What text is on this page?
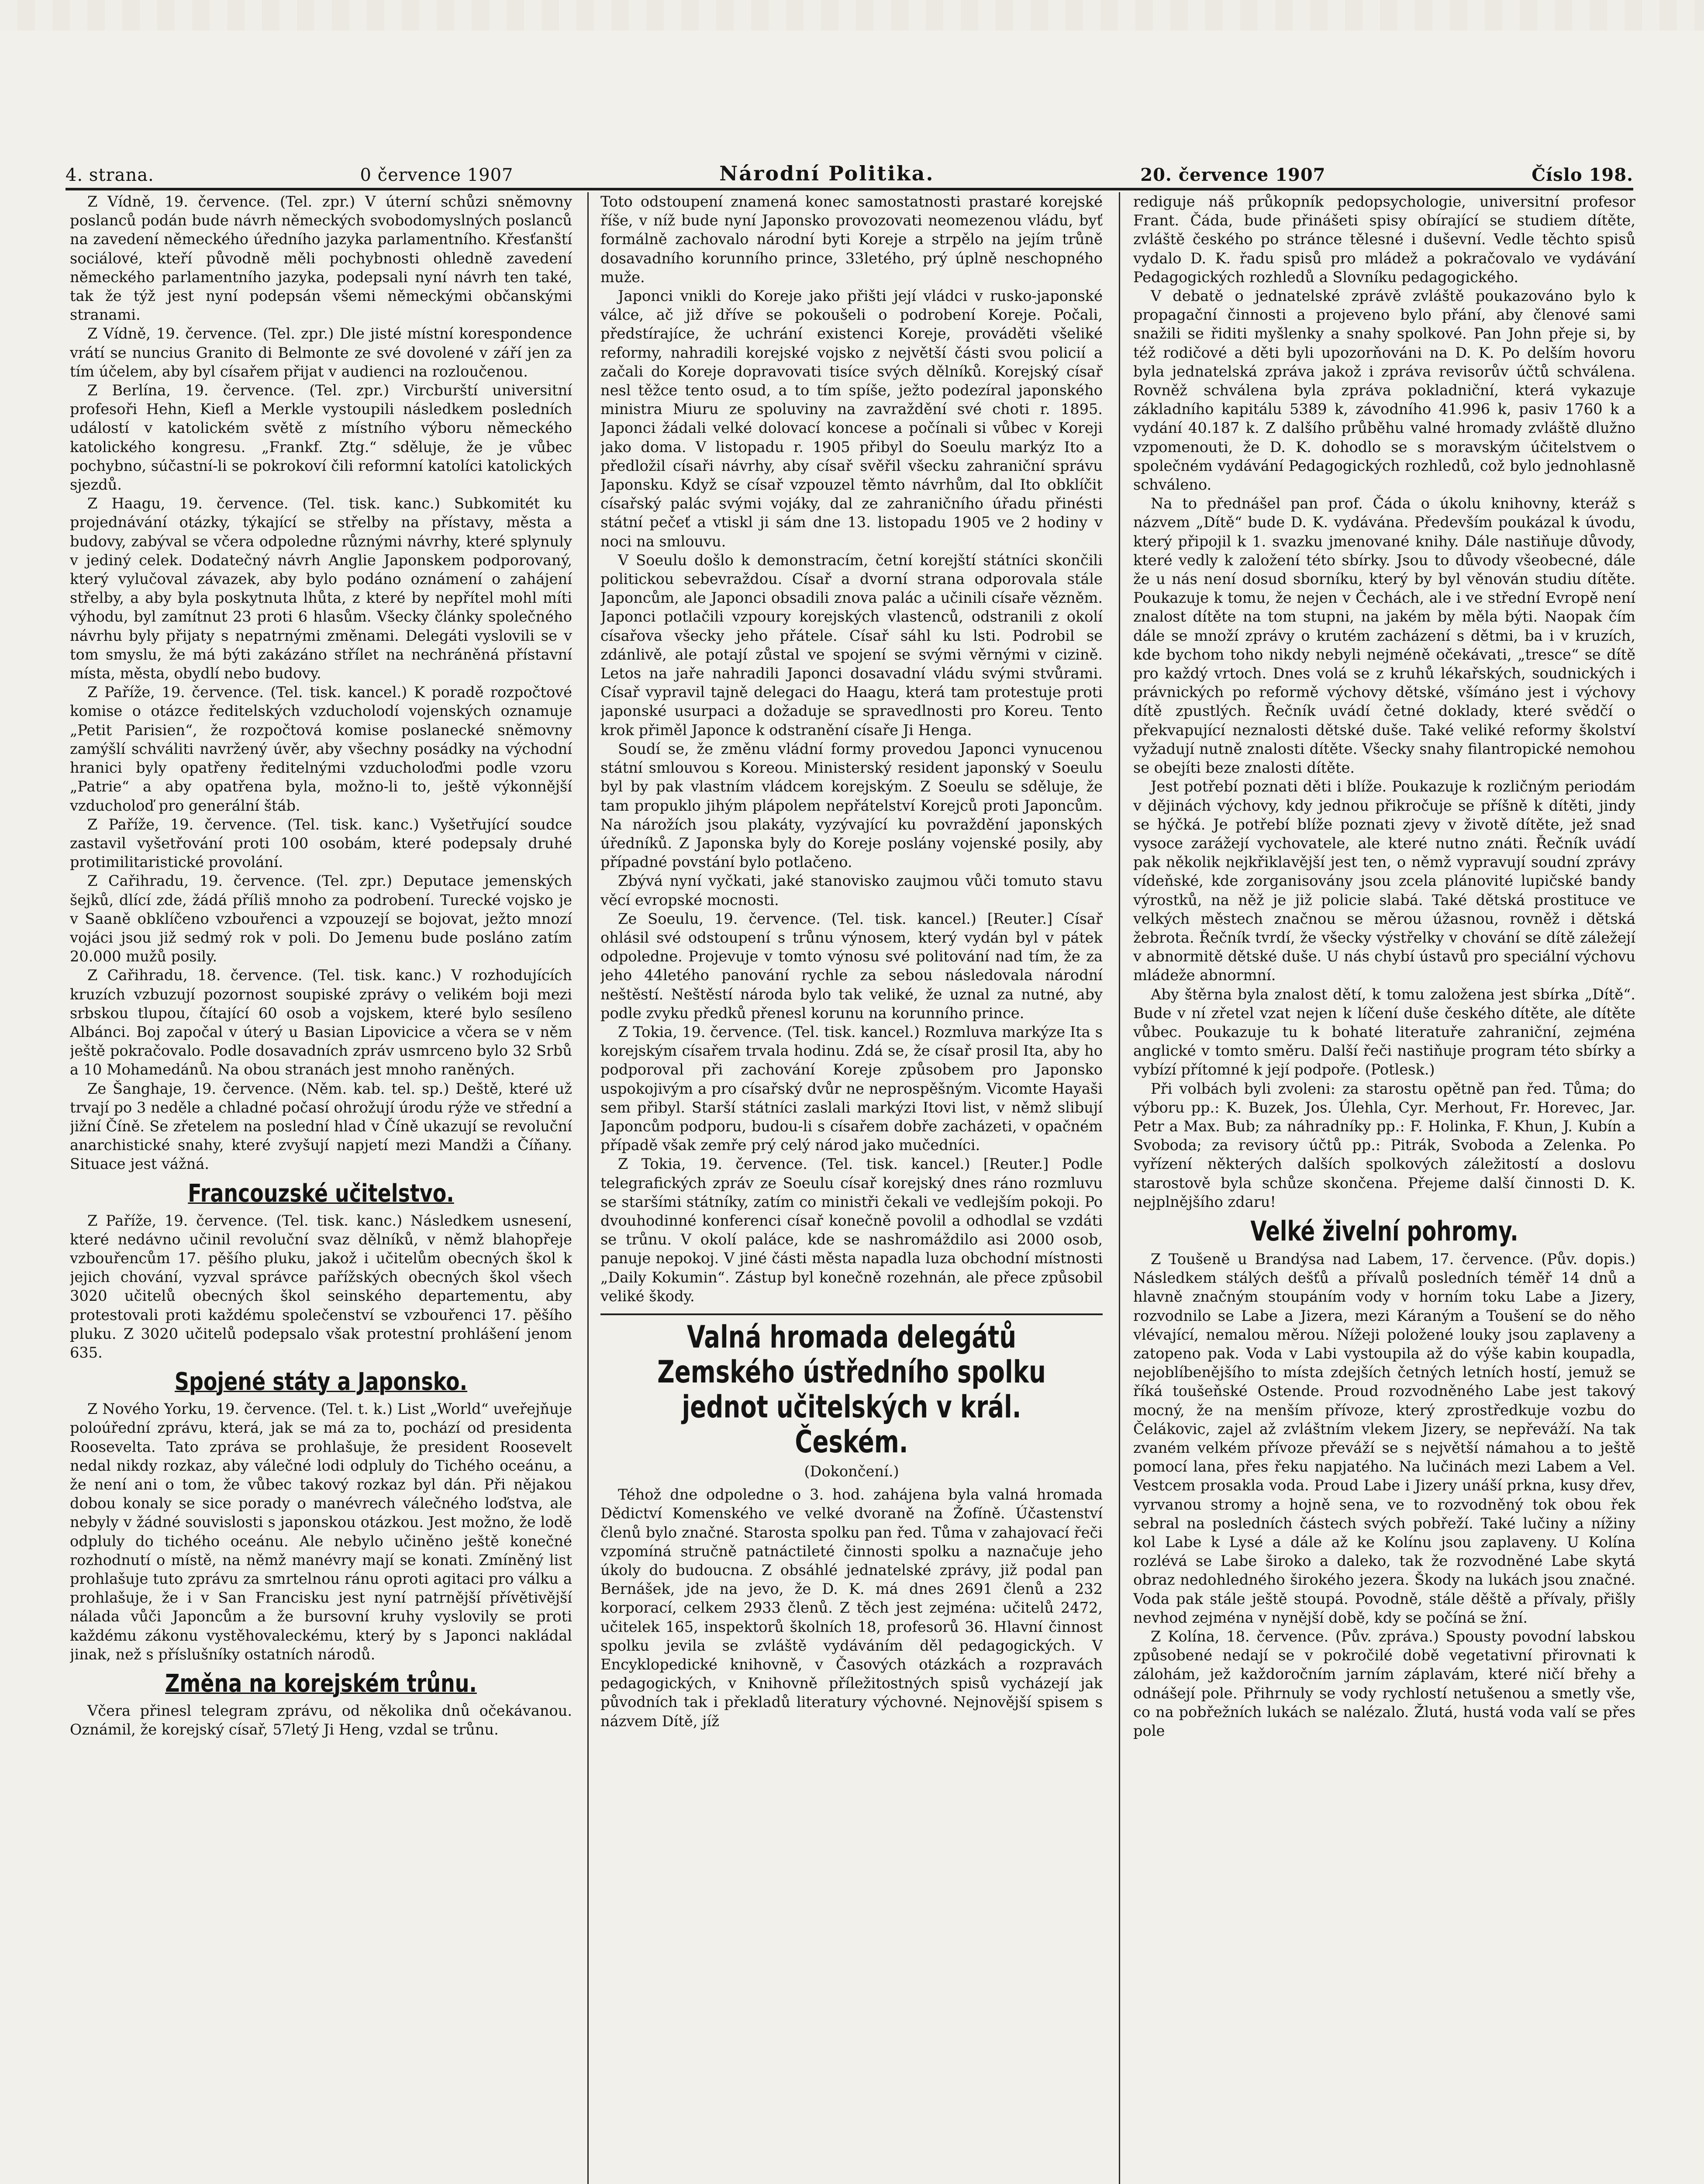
4. strana.	0 července 1907	Národní Politika.	20. července 1907	Číslo 198.

Z Vídně, 19. července. (Tel. zpr.) V úterní schůzi sněmovny poslanců podán bude návrh německých svobodomyslných poslanců na zavedení německého úředního jazyka parlamentního. Křesťanští sociálové, kteří původně měli pochybnosti ohledně zavedení německého parlamentního jazyka, podepsali nyní návrh ten také, tak že týž jest nyní podepsán všemi německými občanskými stranami.

Z Vídně, 19. července. (Tel. zpr.) Dle jisté místní korespondence vrátí se nuncius Granito di Belmonte ze své dovolené v září jen za tím účelem, aby byl císařem přijat v audienci na rozloučenou.

Z Berlína, 19. července. (Tel. zpr.) Vircburští universitní profesoři Hehn, Kiefl a Merkle vystoupili následkem posledních událostí v katolickém světě z místního výboru německého katolického kongresu. „Frankf. Ztg.“ sděluje, že je vůbec pochybno, súčastní-li se pokrokoví čili reformní katolíci katolických sjezdů.

Z Haagu, 19. července. (Tel. tisk. kanc.) Subkomitét ku projednávání otázky, týkající se střelby na přístavy, města a budovy, zabýval se včera odpoledne různými návrhy, které splynuly v jediný celek. Dodatečný návrh Anglie Japonskem podporovaný, který vylučoval závazek, aby bylo podáno oznámení o zahájení střelby, a aby byla poskytnuta lhůta, z které by nepřítel mohl míti výhodu, byl zamítnut 23 proti 6 hlasům. Všecky články společného návrhu byly přijaty s nepatrnými změnami. Delegáti vyslovili se v tom smyslu, že má býti zakázáno střílet na nechráněná přístavní místa, města, obydlí nebo budovy.

Z Paříže, 19. července. (Tel. tisk. kancel.) K poradě rozpočtové komise o otázce ředitelských vzducholodí vojenských oznamuje „Petit Parisien“, že rozpočtová komise poslanecké sněmovny zamýšlí schváliti navržený úvěr, aby všechny posádky na východní hranici byly opatřeny ředitelnými vzducholoďmi podle vzoru „Patrie“ a aby opatřena byla, možno-li to, ještě výkonnější vzducholoď pro generální štáb.

Z Paříže, 19. července. (Tel. tisk. kanc.) Vyšetřující soudce zastavil vyšetřování proti 100 osobám, které podepsaly druhé protimilitaristické provolání.

Z Cařihradu, 19. července. (Tel. zpr.) Deputace jemenských šejků, dlící zde, žádá příliš mnoho za podrobení. Turecké vojsko je v Saaně obklíčeno vzbouřenci a vzpouzejí se bojovat, ježto mnozí vojáci jsou již sedmý rok v poli. Do Jemenu bude posláno zatím 20.000 mužů posily.

Z Cařihradu, 18. července. (Tel. tisk. kanc.) V rozhodujících kruzích vzbuzují pozornost soupiské zprávy o velikém boji mezi srbskou tlupou, čítající 60 osob a vojskem, které bylo sesíleno Albánci. Boj započal v úterý u Basian Lipovicice a včera se v něm ještě pokračovalo. Podle dosavadních zpráv usmrceno bylo 32 Srbů a 10 Mohamedánů. Na obou stranách jest mnoho raněných.

Ze Šanghaje, 19. července. (Něm. kab. tel. sp.) Deště, které už trvají po 3 neděle a chladné počasí ohrožují úrodu rýže ve střední a jižní Číně. Se zřetelem na poslední hlad v Číně ukazují se revoluční anarchistické snahy, které zvyšují napjetí mezi Mandži a Číňany. Situace jest vážná.

Francouzské učitelstvo.

Z Paříže, 19. července. (Tel. tisk. kanc.) Následkem usnesení, které nedávno učinil revoluční svaz dělníků, v němž blahopřeje vzbouřencům 17. pěšího pluku, jakož i učitelům obecných škol k jejich chování, vyzval správce pařížských obecných škol všech 3020 učitelů obecných škol seinského departementu, aby protestovali proti každému společenství se vzbouřenci 17. pěšího pluku. Z 3020 učitelů podepsalo však protestní prohlášení jenom 635.

Spojené státy a Japonsko.

Z Nového Yorku, 19. července. (Tel. t. k.) List „World“ uveřejňuje poloúřední zprávu, která, jak se má za to, pochází od presidenta Roosevelta. Tato zpráva se prohlašuje, že president Roosevelt nedal nikdy rozkaz, aby válečné lodi odpluly do Tichého oceánu, a že není ani o tom, že vůbec takový rozkaz byl dán. Při nějakou dobou konaly se sice porady o manévrech válečného loďstva, ale nebyly v žádné souvislosti s japonskou otázkou. Jest možno, že lodě odpluly do tichého oceánu. Ale nebylo učiněno ještě konečné rozhodnutí o místě, na němž manévry mají se konati. Zmíněný list prohlašuje tuto zprávu za smrtelnou ránu oproti agitaci pro válku a prohlašuje, že i v San Francisku jest nyní patrnější přívětivější nálada vůči Japoncům a že bursovní kruhy vyslovily se proti každému zákonu vystěhovaleckému, který by s Japonci nakládal jinak, než s příslušníky ostatních národů.

Změna na korejském trůnu.

Včera přinesl telegram zprávu, od několika dnů očekávanou. Oznámil, že korejský císař, 57letý Ji Heng, vzdal se trůnu.

Toto odstoupení znamená konec samostatnosti prastaré korejské říše, v níž bude nyní Japonsko provozovati neomezenou vládu, byť formálně zachovalo národní byti Koreje a strpělo na jejím trůně dosavadního korunního prince, 33letého, prý úplně neschopného muže.

Japonci vnikli do Koreje jako přišti její vládci v rusko-japonské válce, ač již dříve se pokoušeli o podrobení Koreje. Počali, předstírajíce, že uchrání existenci Koreje, prováděti všeliké reformy, nahradili korejské vojsko z největší části svou policií a začali do Koreje dopravovati tisíce svých dělníků. Korejský císař nesl těžce tento osud, a to tím spíše, ježto podezíral japonského ministra Miuru ze spoluviny na zavraždění své choti r. 1895. Japonci žádali velké dolovací koncese a počínali si vůbec v Koreji jako doma. V listopadu r. 1905 přibyl do Soeulu markýz Ito a předložil císaři návrhy, aby císař svěřil všecku zahraniční správu Japonsku. Když se císař vzpouzel těmto návrhům, dal Ito obklíčit císařský palác svými vojáky, dal ze zahraničního úřadu přinésti státní pečeť a vtiskl ji sám dne 13. listopadu 1905 ve 2 hodiny v noci na smlouvu.

V Soeulu došlo k demonstracím, četní korejští státníci skončili politickou sebevraždou. Císař a dvorní strana odporovala stále Japoncům, ale Japonci obsadili znova palác a učinili císaře vězněm. Japonci potlačili vzpoury korejských vlastenců, odstranili z okolí císařova všecky jeho přátele. Císař sáhl ku lsti. Podrobil se zdánlivě, ale potají zůstal ve spojení se svými věrnými v cizině. Letos na jaře nahradili Japonci dosavadní vládu svými stvůrami. Císař vypravil tajně delegaci do Haagu, která tam protestuje proti japonské usurpaci a dožaduje se spravedlnosti pro Koreu. Tento krok přiměl Japonce k odstranění císaře Ji Henga.

Soudí se, že změnu vládní formy provedou Japonci vynucenou státní smlouvou s Koreou. Ministerský resident japonský v Soeulu byl by pak vlastním vládcem korejským. Z Soeulu se sděluje, že tam propuklo jihým plápolem nepřátelství Korejců proti Japoncům. Na nárožích jsou plakáty, vyzývající ku povraždění japonských úředníků. Z Japonska byly do Koreje poslány vojenské posily, aby případné povstání bylo potlačeno.

Zbývá nyní vyčkati, jaké stanovisko zaujmou vůči tomuto stavu věcí evropské mocnosti.

Ze Soeulu, 19. července. (Tel. tisk. kancel.) [Reuter.] Císař ohlásil své odstoupení s trůnu výnosem, který vydán byl v pátek odpoledne. Projevuje v tomto výnosu své politování nad tím, že za jeho 44letého panování rychle za sebou následovala národní neštěstí. Neštěstí národa bylo tak veliké, že uznal za nutné, aby podle zvyku předků přenesl korunu na korunního prince.

Z Tokia, 19. července. (Tel. tisk. kancel.) Rozmluva markýze Ita s korejským císařem trvala hodinu. Zdá se, že císař prosil Ita, aby ho podporoval při zachování Koreje způsobem pro Japonsko uspokojivým a pro císařský dvůr ne neprospěšným. Vicomte Hayaši sem přibyl. Starší státníci zaslali markýzi Itovi list, v němž slibují Japoncům podporu, budou-li s císařem dobře zacházeti, v opačném případě však zemře prý celý národ jako mučedníci.

Z Tokia, 19. července. (Tel. tisk. kancel.) [Reuter.] Podle telegrafických zpráv ze Soeulu císař korejský dnes ráno rozmluvu se staršími státníky, zatím co ministři čekali ve vedlejším pokoji. Po dvouhodinné konferenci císař konečně povolil a odhodlal se vzdáti se trůnu. V okolí paláce, kde se nashromáždilo asi 2000 osob, panuje nepokoj. V jiné části města napadla luza obchodní místnosti „Daily Kokumin“. Zástup byl konečně rozehnán, ale přece způsobil veliké škody.

Valná hromada delegátů Zemského ústředního spolku jednot učitelských v král. Českém.
(Dokončení.)

Téhož dne odpoledne o 3. hod. zahájena byla valná hromada Dědictví Komenského ve velké dvoraně na Žofíně. Účastenství členů bylo značné. Starosta spolku pan řed. Tůma v zahajovací řeči vzpomíná stručně patnáctileté činnosti spolku a naznačuje jeho úkoly do budoucna. Z obsáhlé jednatelské zprávy, již podal pan Bernášek, jde na jevo, že D. K. má dnes 2691 členů a 232 korporací, celkem 2933 členů. Z těch jest zejména: učitelů 2472, učitelek 165, inspektorů školních 18, profesorů 36. Hlavní činnost spolku jevila se zvláště vydáváním děl pedagogických. V Encyklopedické knihovně, v Časových otázkách a rozpravách pedagogických, v Knihovně příležitostných spisů vycházejí jak původních tak i překladů literatury výchovné. Nejnovější spisem s názvem Dítě, jíž

rediguje náš průkopník pedopsychologie, universitní profesor Frant. Čáda, bude přinášeti spisy obírající se studiem dítěte, zvláště českého po stránce tělesné i duševní. Vedle těchto spisů vydalo D. K. řadu spisů pro mládež a pokračovalo ve vydávání Pedagogických rozhledů a Slovníku pedagogického.

V debatě o jednatelské zprávě zvláště poukazováno bylo k propagační činnosti a projeveno bylo přání, aby členové sami snažili se řiditi myšlenky a snahy spolkové. Pan John přeje si, by též rodičové a děti byli upozorňováni na D. K. Po delším hovoru byla jednatelská zpráva jakož i zpráva revisorův účtů schválena. Rovněž schválena byla zpráva pokladniční, která vykazuje základního kapitálu 5389 k, závodního 41.996 k, pasiv 1760 k a vydání 40.187 k. Z dalšího průběhu valné hromady zvláště dlužno vzpomenouti, že D. K. dohodlo se s moravským účitelstvem o společném vydávání Pedagogických rozhledů, což bylo jednohlasně schváleno.

Na to přednášel pan prof. Čáda o úkolu knihovny, kteráž s názvem „Dítě“ bude D. K. vydávána. Především poukázal k úvodu, který připojil k 1. svazku jmenované knihy. Dále nastiňuje důvody, které vedly k založení této sbírky. Jsou to důvody všeobecné, dále že u nás není dosud sborníku, který by byl věnován studiu dítěte. Poukazuje k tomu, že nejen v Čechách, ale i ve střední Evropě není znalost dítěte na tom stupni, na jakém by měla býti. Naopak čím dále se množí zprávy o krutém zacházení s dětmi, ba i v kruzích, kde bychom toho nikdy nebyli nejméně očekávati, „tresce“ se dítě pro každý vrtoch. Dnes volá se z kruhů lékařských, soudnických i právnických po reformě výchovy dětské, všímáno jest i výchovy dítě zpustlých. Řečník uvádí četné doklady, které svědčí o překvapující neznalosti dětské duše. Také veliké reformy školství vyžadují nutně znalosti dítěte. Všecky snahy filantropické nemohou se obejíti beze znalosti dítěte.

Jest potřebí poznati děti i blíže. Poukazuje k rozličným periodám v dějinách výchovy, kdy jednou přikročuje se příšně k dítěti, jindy se hýčká. Je potřebí blíže poznati zjevy v životě dítěte, jež snad vysoce zarážejí vychovatele, ale které nutno znáti. Řečník uvádí pak několik nejkřiklavější jest ten, o němž vypravují soudní zprávy vídeňské, kde zorganisovány jsou zcela plánovité lupičské bandy výrostků, na něž je již policie slabá. Také dětská prostituce ve velkých městech značnou se měrou úžasnou, rovněž i dětská žebrota. Řečník tvrdí, že všecky výstřelky v chování se dítě záležejí v abnormitě dětské duše. U nás chybí ústavů pro speciální výchovu mládeže abnormní.

Aby štěrna byla znalost dětí, k tomu založena jest sbírka „Dítě“. Bude v ní zřetel vzat nejen k líčení duše českého dítěte, ale dítěte vůbec. Poukazuje tu k bohaté literatuře zahraniční, zejména anglické v tomto směru. Další řeči nastiňuje program této sbírky a vybízí přítomné k její podpoře. (Potlesk.)

Při volbách byli zvoleni: za starostu opětně pan řed. Tůma; do výboru pp.: K. Buzek, Jos. Úlehla, Cyr. Merhout, Fr. Horevec, Jar. Petr a Max. Bub; za náhradníky pp.: F. Holinka, F. Khun, J. Kubín a Svoboda; za revisory účtů pp.: Pitrák, Svoboda a Zelenka. Po vyřízení některých dalších spolkových záležitostí a doslovu starostově byla schůze skončena. Přejeme další činnosti D. K. nejplnějšího zdaru!

Velké živelní pohromy.

Z Toušeně u Brandýsa nad Labem, 17. července. (Pův. dopis.) Následkem stálých dešťů a přívalů posledních téměř 14 dnů a hlavně značným stoupáním vody v horním toku Labe a Jizery, rozvodnilo se Labe a Jizera, mezi Káraným a Toušení se do něho vlévající, nemalou měrou. Nížeji položené louky jsou zaplaveny a zatopeno pak. Voda v Labi vystoupila až do výše kabin koupadla, nejoblíbenějšího to místa zdejších četných letních hostí, jemuž se říká toušeňské Ostende. Proud rozvodněného Labe jest takový mocný, že na menším přívoze, který zprostředkuje vozbu do Čelákovic, zajel až zvláštním vlekem Jizery, se nepřeváží. Na tak zvaném velkém přívoze převáží se s největší námahou a to ještě pomocí lana, přes řeku napjatého. Na lučinách mezi Labem a Vel. Vestcem prosakla voda. Proud Labe i Jizery unáší prkna, kusy dřev, vyrvanou stromy a hojně sena, ve to rozvodněný tok obou řek sebral na posledních částech svých pobřeží. Také lučiny a nížiny kol Labe k Lysé a dále až ke Kolínu jsou zaplaveny. U Kolína rozlévá se Labe široko a daleko, tak že rozvodněné Labe skytá obraz nedohledného širokého jezera. Škody na lukách jsou značné. Voda pak stále ještě stoupá. Povodně, stále děště a přívaly, přišly nevhod zejména v nynější době, kdy se počíná se žní.

Z Kolína, 18. července. (Pův. zpráva.) Spousty povodní labskou způsobené nedají se v pokročilé době vegetativní přirovnati k zálohám, jež každoročním jarním záplavám, které ničí břehy a odnášejí pole. Přihrnuly se vody rychlostí netušenou a smetly vše, co na pobřežních lukách se nalézalo. Žlutá, hustá voda valí se přes pole
